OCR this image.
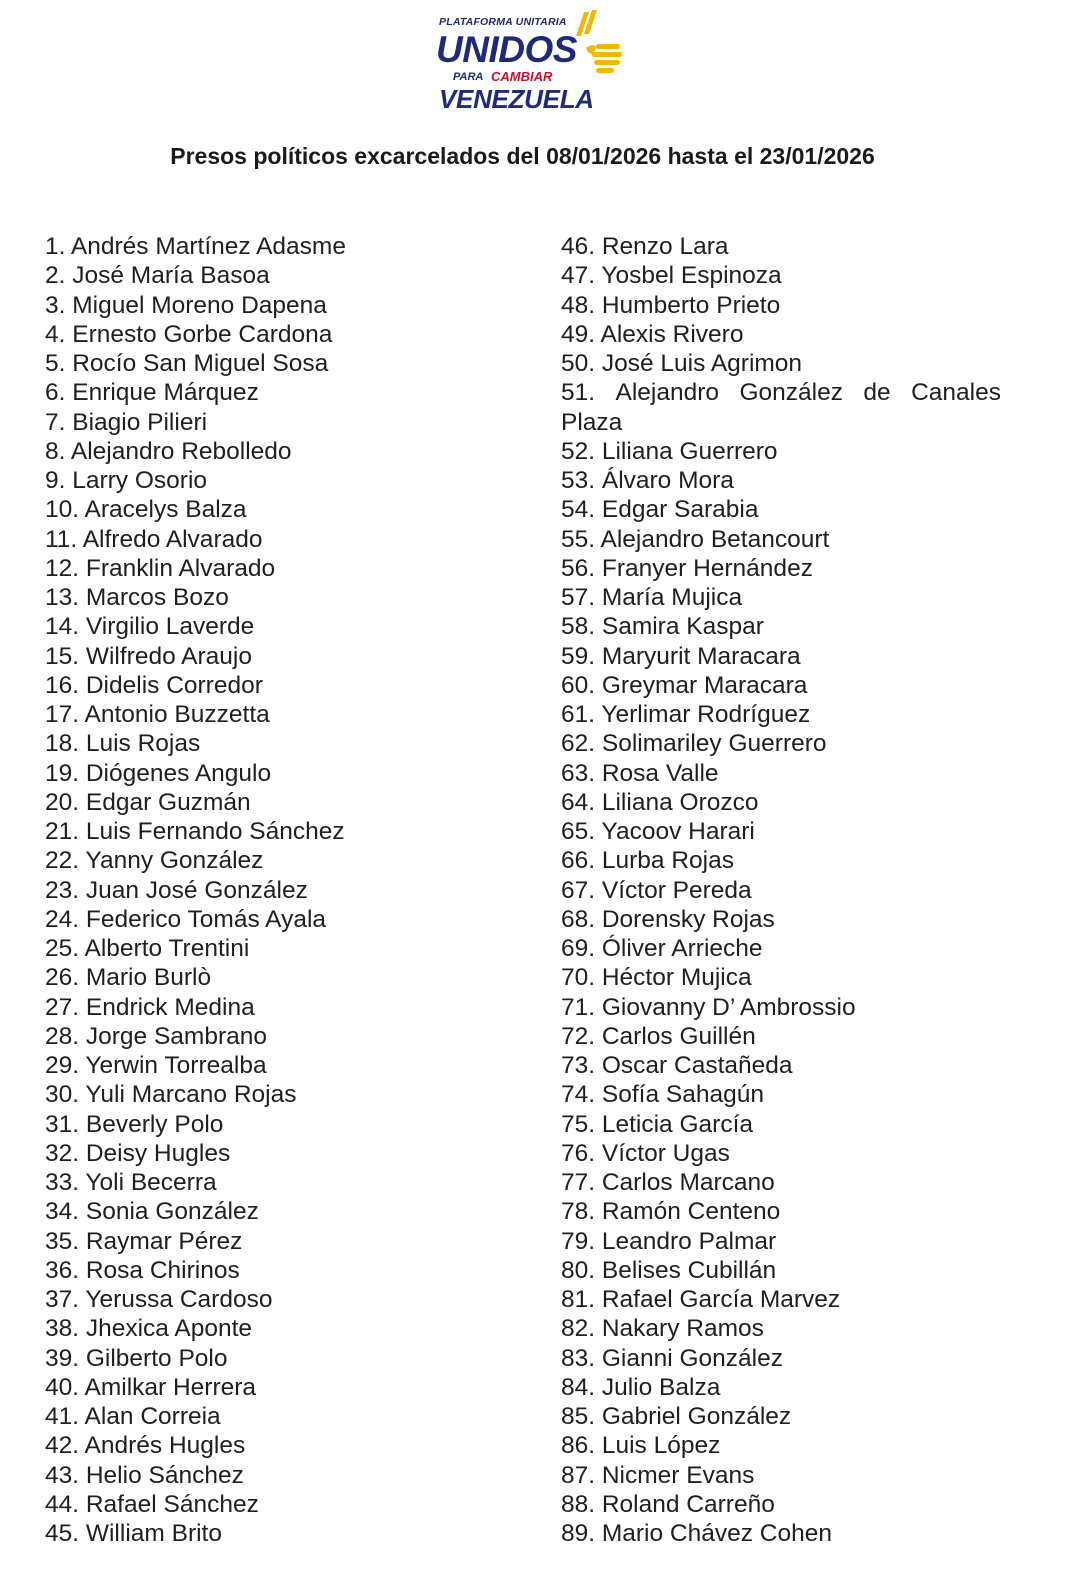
PLATAFORMA UNITARIA
UNIDOS
PARA CAMBIAR
VENEZUELA
Presos políticos excarcelados del 08/01/2026 hasta el 23/01/2026
1. Andrés Martínez Adasme
2. José María Basoa
3. Miguel Moreno Dapena
4. Ernesto Gorbe Cardona
5. Rocío San Miguel Sosa
6. Enrique Márquez
7. Biagio Pilieri
8. Alejandro Rebolledo
9. Larry Osorio
10. Aracelys Balza
11. Alfredo Alvarado
12. Franklin Alvarado
13. Marcos Bozo
14. Virgilio Laverde
15. Wilfredo Araujo
16. Didelis Corredor
17. Antonio Buzzetta
18. Luis Rojas
19. Diógenes Angulo
20. Edgar Guzmán
21. Luis Fernando Sánchez
22. Yanny González
23. Juan José González
24. Federico Tomás Ayala
25. Alberto Trentini
26. Mario Burlò
27. Endrick Medina
28. Jorge Sambrano
29. Yerwin Torrealba
30. Yuli Marcano Rojas
31. Beverly Polo
32. Deisy Hugles
33. Yoli Becerra
34. Sonia González
35. Raymar Pérez
36. Rosa Chirinos
37. Yerussa Cardoso
38. Jhexica Aponte
39. Gilberto Polo
40. Amilkar Herrera
41. Alan Correia
42. Andrés Hugles
43. Helio Sánchez
44. Rafael Sánchez
45. William Brito
46. Renzo Lara
47. Yosbel Espinoza
48. Humberto Prieto
49. Alexis Rivero
50. José Luis Agrimon
51. Alejandro González de Canales
Plaza
52. Liliana Guerrero
53. Álvaro Mora
54. Edgar Sarabia
55. Alejandro Betancourt
56. Franyer Hernández
57. María Mujica
58. Samira Kaspar
59. Maryurit Maracara
60. Greymar Maracara
61. Yerlimar Rodríguez
62. Solimariley Guerrero
63. Rosa Valle
64. Liliana Orozco
65. Yacoov Harari
66. Lurba Rojas
67. Víctor Pereda
68. Dorensky Rojas
69. Óliver Arrieche
70. Héctor Mujica
71. Giovanny D’ Ambrossio
72. Carlos Guillén
73. Oscar Castañeda
74. Sofía Sahagún
75. Leticia García
76. Víctor Ugas
77. Carlos Marcano
78. Ramón Centeno
79. Leandro Palmar
80. Belises Cubillán
81. Rafael García Marvez
82. Nakary Ramos
83. Gianni González
84. Julio Balza
85. Gabriel González
86. Luis López
87. Nicmer Evans
88. Roland Carreño
89. Mario Chávez Cohen
